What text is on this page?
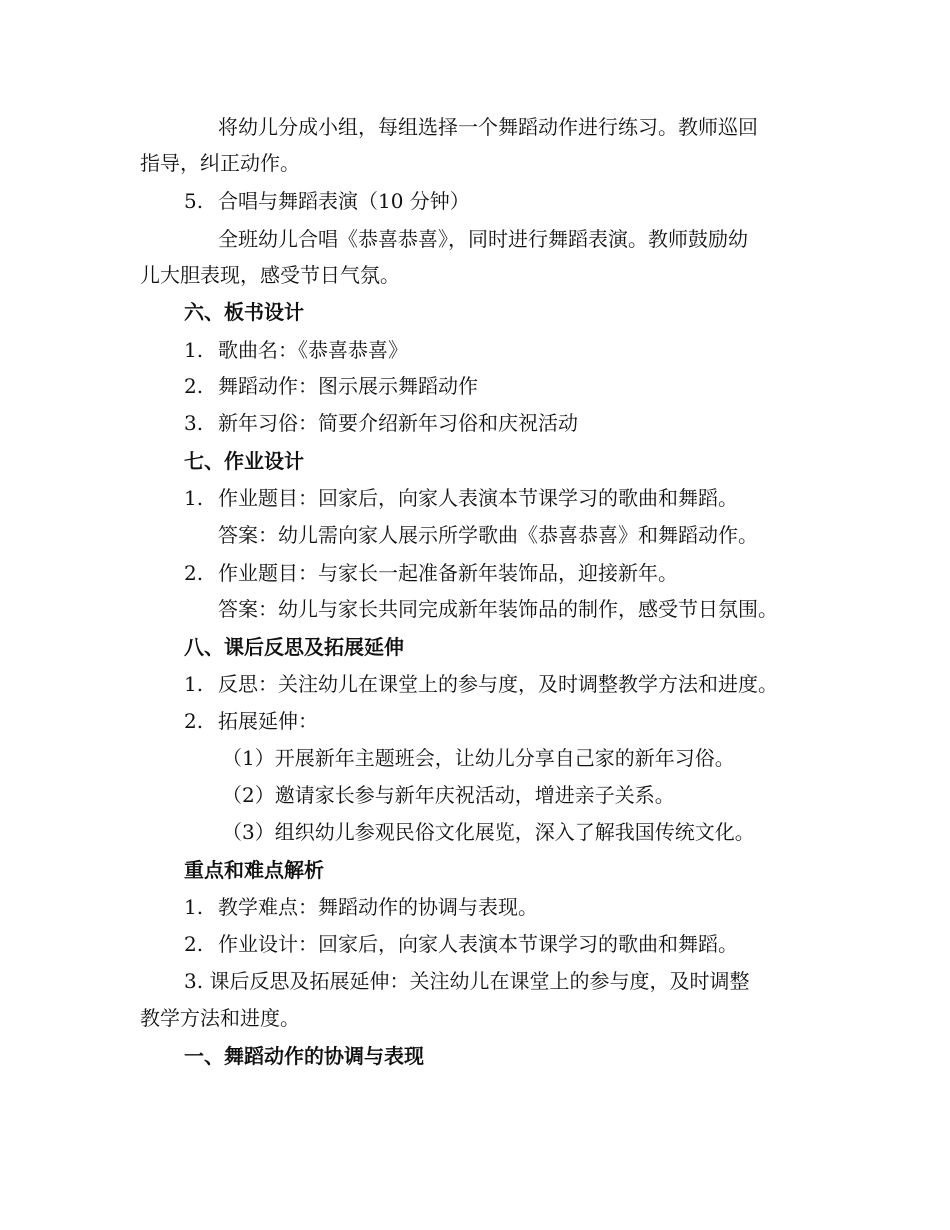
将幼儿分成小组，每组选择一个舞蹈动作进行练习。教师巡回
指导，纠正动作。
5. 合唱与舞蹈表演（10 分钟）
全班幼儿合唱《恭喜恭喜》，同时进行舞蹈表演。教师鼓励幼
儿大胆表现，感受节日气氛。
六、板书设计
1. 歌曲名：《恭喜恭喜》
2. 舞蹈动作：图示展示舞蹈动作
3. 新年习俗：简要介绍新年习俗和庆祝活动
七、作业设计
1. 作业题目：回家后，向家人表演本节课学习的歌曲和舞蹈。
答案：幼儿需向家人展示所学歌曲《恭喜恭喜》和舞蹈动作。
2. 作业题目：与家长一起准备新年装饰品，迎接新年。
答案：幼儿与家长共同完成新年装饰品的制作，感受节日氛围。
八、课后反思及拓展延伸
1. 反思：关注幼儿在课堂上的参与度，及时调整教学方法和进度。
2. 拓展延伸：
（1）开展新年主题班会，让幼儿分享自己家的新年习俗。
（2）邀请家长参与新年庆祝活动，增进亲子关系。
（3）组织幼儿参观民俗文化展览，深入了解我国传统文化。
重点和难点解析
1. 教学难点：舞蹈动作的协调与表现。
2. 作业设计：回家后，向家人表演本节课学习的歌曲和舞蹈。
3. 课后反思及拓展延伸：关注幼儿在课堂上的参与度，及时调整
教学方法和进度。
一、舞蹈动作的协调与表现
